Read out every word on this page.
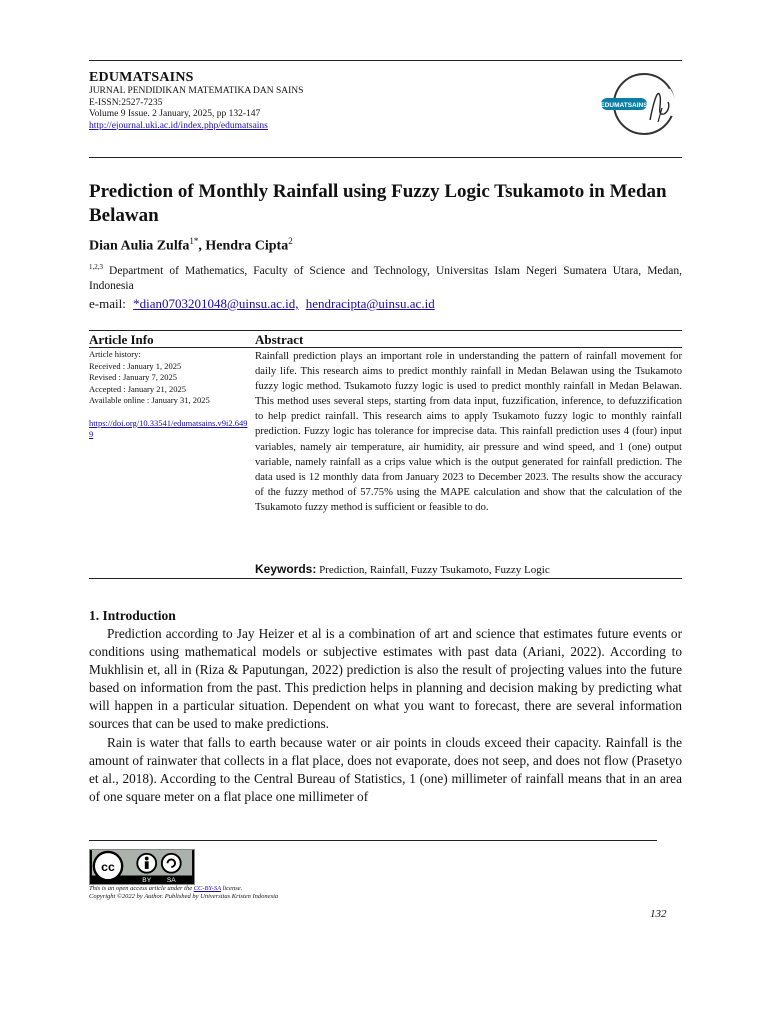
EDUMATSAINS
JURNAL PENDIDIKAN MATEMATIKA DAN SAINS
E-ISSN:2527-7235
Volume 9 Issue. 2 January, 2025, pp 132-147
http://ejournal.uki.ac.id/index.php/edumatsains
EDUMATSAINS
Prediction of Monthly Rainfall using Fuzzy Logic Tsukamoto in Medan Belawan
Dian Aulia Zulfa$^{1*}$, Hendra Cipta$^2$
$^{1,2,3}$ Department of Mathematics, Faculty of Science and Technology, Universitas Islam Negeri Sumatera Utara, Medan, Indonesia
e-mail: *dian0703201048@uinsu.ac.id, hendracipta@uinsu.ac.id
Article Info	Abstract
Article history:
Received : January 1, 2025
Revised : January 7, 2025
Accepted : January 21, 2025
Available online : January 31, 2025
https://doi.org/10.33541/edumatsains.v9i2.6499
Rainfall prediction plays an important role in understanding the pattern of rainfall movement for daily life. This research aims to predict monthly rainfall in Medan Belawan using the Tsukamoto fuzzy logic method. Tsukamoto fuzzy logic is used to predict monthly rainfall in Medan Belawan. This method uses several steps, starting from data input, fuzzification, inference, to defuzzification to help predict rainfall. This research aims to apply Tsukamoto fuzzy logic to monthly rainfall prediction. Fuzzy logic has tolerance for imprecise data. This rainfall prediction uses 4 (four) input variables, namely air temperature, air humidity, air pressure and wind speed, and 1 (one) output variable, namely rainfall as a crips value which is the output generated for rainfall prediction. The data used is 12 monthly data from January 2023 to December 2023. The results show the accuracy of the fuzzy method of 57.75% using the MAPE calculation and show that the calculation of the Tsukamoto fuzzy method is sufficient or feasible to do.
Keywords: Prediction, Rainfall, Fuzzy Tsukamoto, Fuzzy Logic
1. Introduction

Prediction according to Jay Heizer et al is a combination of art and science that estimates future events or conditions using mathematical models or subjective estimates with past data (Ariani, 2022). According to Mukhlisin et, all in (Riza & Paputungan, 2022) prediction is also the result of projecting values into the future based on information from the past. This prediction helps in planning and decision making by predicting what will happen in a particular situation. Dependent on what you want to forecast, there are several information sources that can be used to make predictions.

Rain is water that falls to earth because water or air points in clouds exceed their capacity. Rainfall is the amount of rainwater that collects in a flat place, does not evaporate, does not seep, and does not flow (Prasetyo et al., 2018). According to the Central Bureau of Statistics, 1 (one) millimeter of rainfall means that in an area of one square meter on a flat place one millimeter of

cc
BY SA
This is an open access article under the CC-BY-SA license.
Copyright ©2022 by Author. Published by Universitas Kristen Indonesia
132
